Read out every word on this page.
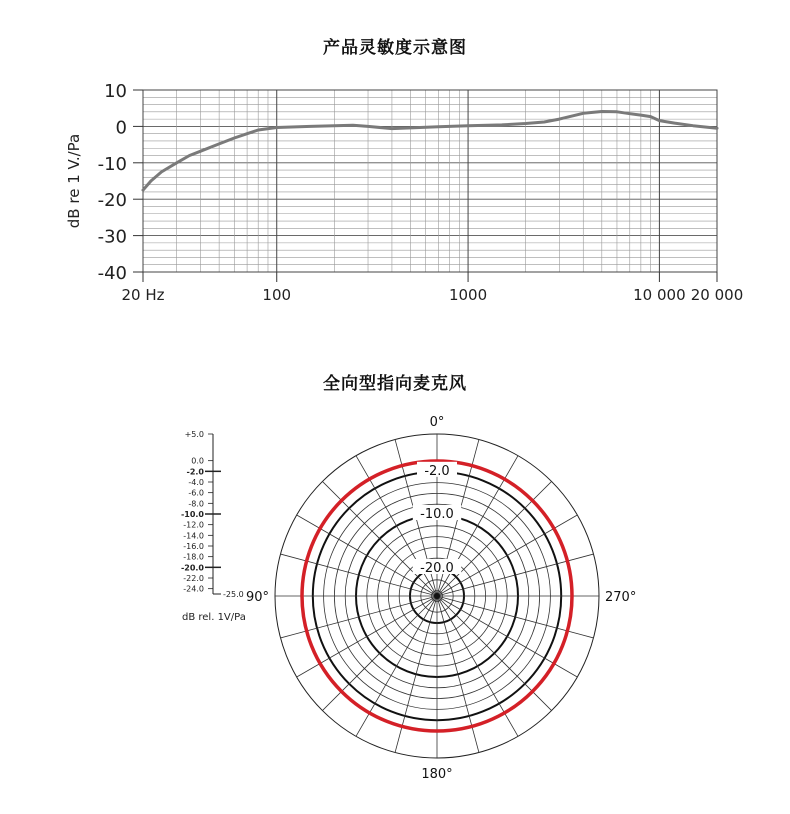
产品灵敏度示意图
全向型指向麦克风
10
0
-10
-20
-30
-40
20 Hz	100	1000	10 000 20 000
dB re 1 V./Pa
-2.0
-10.0
-20.0
0°
90°
180°
270°
+5.0
0.0
-2.0
-4.0
-6.0
-8.0
-10.0
-12.0
-14.0
-16.0
-18.0
-20.0
-22.0
-24.0
-25.0
dB rel. 1V/Pa
